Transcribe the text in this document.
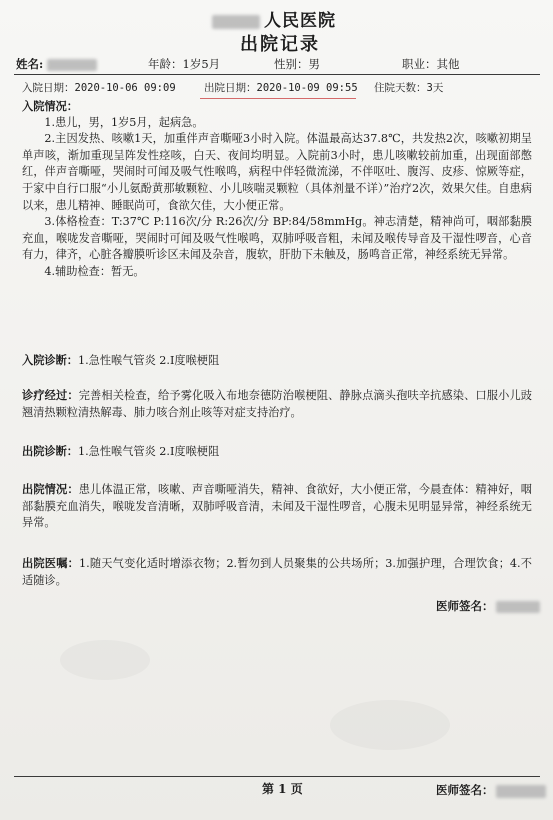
人民医院
出院记录
姓名:	年龄：1岁5月	性别：男	职业：其他
入院日期：2020-10-06 09:09	出院日期：2020-10-09 09:55 住院天数：3天
入院情况：
1.患儿，男，1岁5月，起病急。
2.主因发热、咳嗽1天，加重伴声音嘶哑3小时入院。体温最高达37.8℃，共发热2次，咳嗽初期呈单声咳，渐加重现呈阵发性痉咳，白天、夜间均明显。入院前3小时，患儿咳嗽较前加重，出现面部憋红，伴声音嘶哑，哭闹时可闻及吸气性喉鸣，病程中伴轻微流涕，不伴呕吐、腹泻、皮疹、惊厥等症，于家中自行口服“小儿氨酚黄那敏颗粒、小儿咳喘灵颗粒（具体剂量不详）”治疗2次，效果欠佳。自患病以来，患儿精神、睡眠尚可，食欲欠佳，大小便正常。
3.体格检查：T:37℃ P:116次/分 R:26次/分 BP:84/58mmHg。神志清楚，精神尚可，咽部黏膜充血，喉咙发音嘶哑，哭闹时可闻及吸气性喉鸣，双肺呼吸音粗，未闻及喉传导音及干湿性啰音，心音有力，律齐，心脏各瓣膜听诊区未闻及杂音，腹软，肝肋下未触及，肠鸣音正常，神经系统无异常。
4.辅助检查：暂无。
入院诊断：1.急性喉气管炎 2.Ⅰ度喉梗阻
诊疗经过：完善相关检查，给予雾化吸入布地奈德防治喉梗阻、静脉点滴头孢呋辛抗感染、口服小儿豉翘清热颗粒清热解毒、肺力咳合剂止咳等对症支持治疗。
出院诊断：1.急性喉气管炎 2.Ⅰ度喉梗阻
出院情况：患儿体温正常，咳嗽、声音嘶哑消失，精神、食欲好，大小便正常，今晨查体：精神好，咽部黏膜充血消失，喉咙发音清晰，双肺呼吸音清，未闻及干湿性啰音，心腹未见明显异常，神经系统无异常。
出院医嘱：1.随天气变化适时增添衣物；2.暂勿到人员聚集的公共场所；3.加强护理，合理饮食；4.不适随诊。
医师签名：
第 1 页	医师签名：
